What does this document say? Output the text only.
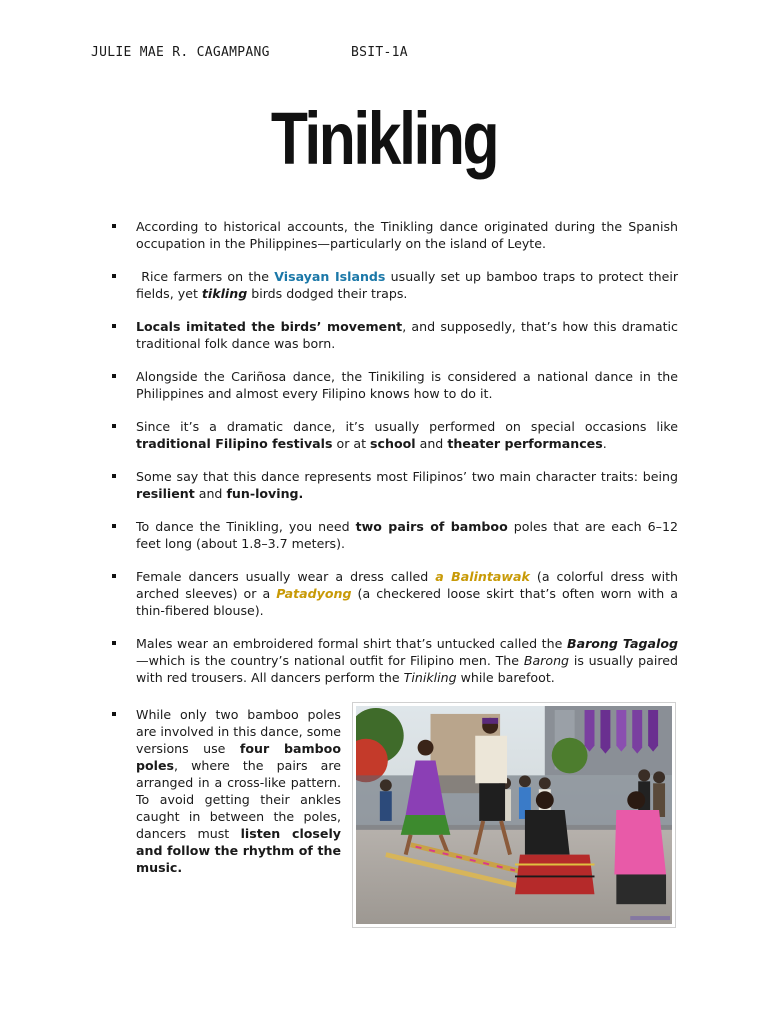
JULIE MAE R. CAGAMPANG	BSIT-1A
Tinikling
According to historical accounts, the Tinikling dance originated during the Spanish occupation in the Philippines—particularly on the island of Leyte.
Rice farmers on the Visayan Islands usually set up bamboo traps to protect their fields, yet tikling birds dodged their traps.
Locals imitated the birds’ movement, and supposedly, that’s how this dramatic traditional folk dance was born.
Alongside the Cariñosa dance, the Tinikiling is considered a national dance in the Philippines and almost every Filipino knows how to do it.
Since it’s a dramatic dance, it’s usually performed on special occasions like traditional Filipino festivals or at school and theater performances.
Some say that this dance represents most Filipinos’ two main character traits: being resilient and fun-loving.
To dance the Tinikling, you need two pairs of bamboo poles that are each 6–12 feet long (about 1.8–3.7 meters).
Female dancers usually wear a dress called a Balintawak (a colorful dress with arched sleeves) or a Patadyong (a checkered loose skirt that’s often worn with a thin-fibered blouse).
Males wear an embroidered formal shirt that’s untucked called the Barong Tagalog—which is the country’s national outfit for Filipino men. The Barong is usually paired with red trousers. All dancers perform the Tinikling while barefoot.
While only two bamboo poles are involved in this dance, some versions use four bamboo poles, where the pairs are arranged in a cross-like pattern. To avoid getting their ankles caught in between the poles, dancers must listen closely and follow the rhythm of the music.
